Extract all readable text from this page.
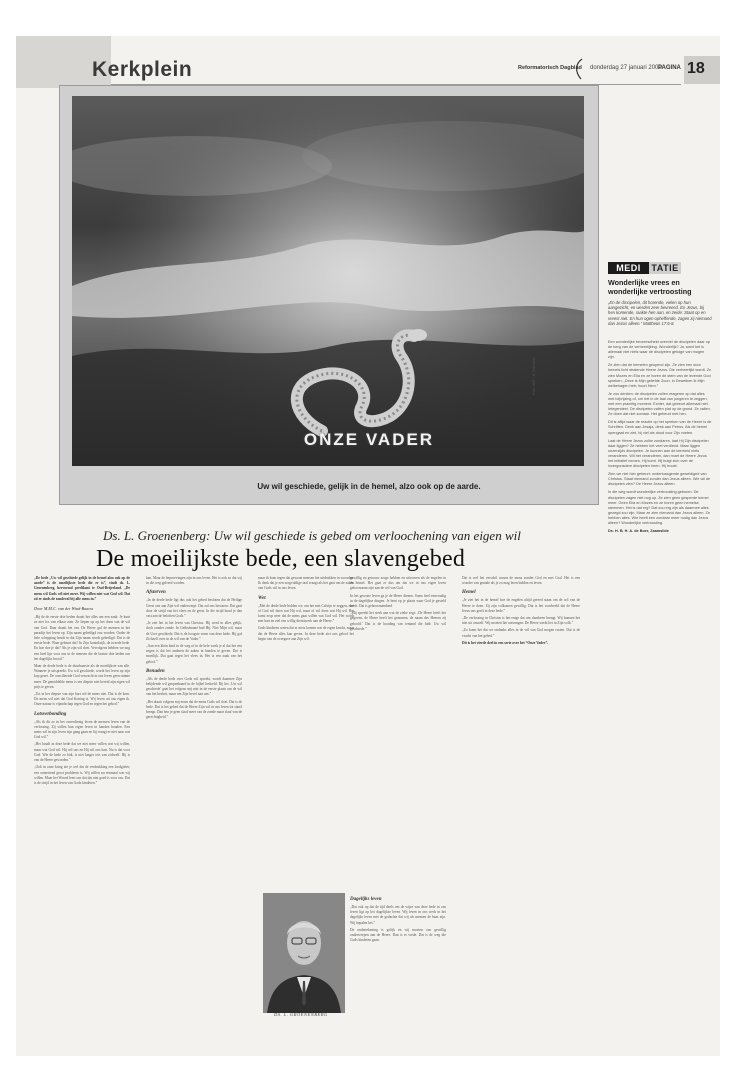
Kerkplein	Reformatorisch Dagblad donderdag 27 januari 2000
PAGINA 18
Foto: ANP / H. Wiersma
ONZE VADER
Uw wil geschiede, gelijk in de hemel, alzo ook op de aarde.
Ds. L. Groenenberg: Uw wil geschiede is gebed om verloochening van eigen wil
De moeilijkste bede, een slavengebed

„De bede „Uw wil geschiede gelijk in de hemel alzo ook op de aarde” is de moeilijkste bede die er is”, vindt ds. L. Groenenberg, hervormd predikant te Oud-Beijerland. „De mens wil Gods wil niet meer. Wij willen niet wat God wil. Dat zit er sinds de zondeval bij alle mens in.”

Door M.M.C. van der Wind-Baaow

„Bij de de eerste drie beden draait het alles om een zaak: Je kunt ze niet los van elkaar zien. Ze liepen op op het doen van de wil van God. Daar draait het om. De Heere gaf de mensen in het paradijs het leven op. Zijn naam geheiligd zou worden. Onder de hele schepping houdt in dat Zijn naam wordt geheiligd. Dat is de eerste bede. Waar gebeurt dat? In Zijn koninkrijk, de tweede bede. En hoe doe je dat? Als je zijn wil doet. Vervolgens hebben we nog een heel lijn voor ons in de mensen die de laatste drie beden om het dagelijks brood.”

Maar de derde bede is de duurbaarste als de moeilijkste van alle. Wanneer je uitspreekt: Uw wil geschiede, wordt het leven op zijn kop gezet. De concilieerde God verwacht in ons leven geen ruimte meer. De gemiddelde mens is ten diepste niet bereid zijn eigen wil prijs te geven.

„Tot in het diepste van zijn hart wil de mens niet. Dat is de kern. De mens wil niet dat God Koning is. Wij leven uit ons eigen ik. Onze natuur is vijandschap tegen God en tegen het gebod.”

Lotsverbonding

„Als ik dit zo in het onverdienig leven de mensen leven van de verlossing. Zij willen hun eigen leven in handen houden. Een mens wil in zijn leven zijn gang gaan en hij vraagt er niet naar wat God wil.”

„Het houdt in deze bede dat we niet meer willen wat wij willen, maar wat God wil. Hij wil ons en Hij wil ons hart. Nu is dat voor God. Wie de bede zo bidt, is niet langer iets van zichzelf. Hij is van de Heere geworden.”

„Ook in onze kring zie je wel dat de verdrukking een loodgieter, een ontzettend groot probleem is. Wij willen nu eenmaal wat wij willen. Maar het Woord leert ons dat dat niet goed is voor ons. Dat is de strijd in het leven van Gods kinderen.”

kan. Maar de beproevingen zijn in ons leven. Het is ook zo dat wij in die weg geleerd worden.

Afsterven

„In de derde bede ligt dus ook het gebed besloten dat de Heilige Geest ons aan Zijn wil onderwerpt. Dat zal ons bewaren. Dat gaat door de strijd van het vlees en de geest. In die strijd houd je dan vast aan de beloften Gods.”

„Je ziet het in het leven van Christus. Hij werd in alles gelijk, doch zonder zonde. In Gethsémané bad Hij: Niet Mijn wil, maar de Uwe geschiede. Dat is de hoogste vorm van deze bede. Hij gaf Zichzelf over in de wil van de Vader.”

„Aan een klein kind in de weg of in de hele week je al dat het een zegen is dat het anderen de zaken in handen te geven. Dat is moeilijk. Dat gaat tegen het vlees in. Het is een zaak van het geloof.”

Benuden

„Als de derde bede over Gods wil spreekt, wordt daarmee Zijn belijdende wil geopenbaard in de bijbel bedoeld. Bij het ‚Uw wil geschiede’ gaat het volgens mij niet in de eerste plaats om de wil van het besluit, maar om Zijn bevel aan ons.”

„Het draait volgens mij erom dat de mens Gods wil doet. Dat is de bede. Dat is het gebed dat de Heere Zijn wil in ons leven tot stand brengt. Dan ben je geen slaaf meer van de zonde maar slaaf van de gerechtigheid.”

maar ik kom tegen dat gewone mensen het uitdrukken in woorden. Ik denk dat je een zorgvuldige taal vraagt als het gaat om de zaken van Gods wil in ons leven.

Wet

„Met de derde bede bidden we, om het met Calvijn te zeggen, niet of God wil doen wat Hij wil, maar of wil doen wat Hij wil. Het komt erop neer dat de mens gaat willen wat God wil. Het wordt met hart en ziel een willig dienstwerk aan de Heere.”

Gods kinderen weten dat er niets komen wat de eigen kracht, maar dat de Heere alles kan geven. In deze bede ziet ons geloof het begin van de overgave aan Zijn wil.

DS. L. GROENENBERG

Dagelijks leven

„Dat ook op dat de tijd deels om de wijze van deze bede in ons leven ligt op het dagelijkse leven. Wij leven in ons werk in het dagelijks leven met de gedachte dat wij als mensen de baas zijn. Wij bepalen het.”

De ondertekening is gelijk en wij moeten ons gewillig onderwerpen aan de Heere. Dan is er vrede. Dat is de weg die Gods kinderen gaan.

gewillig en getrouw zorge hebben en uitvoeren als de engelen in de hemel. Het gaat er dus om dat we in ons eigen leven gehoorzaam zijn aan de wil van God.

In het gewone leven ga je de Heere dienen. Soms heel eenvoudig in de dagelijkse dingen. Je bent op je plaats waar God je gesteld heeft. Dat is gehoorzaamheid.

„Mij spreekt het sterk aan wat de zieke zegt: ‚De Heere heeft het gegeven, de Heere heeft het genomen, de naam des Heeren zij geloofd.’ Dat is de houding van iemand die bidt: Uw wil geschiede.”

Dat is wel het verschil tussen de mens zonder God en met God. Het is een wonder van genade als je zo mag leren bidden en leven.

Hemel

„Je ziet het in de hemel hoe de engelen altijd gereed staan om de wil van de Heere te doen. Zij zijn volkomen gewillig. Dat is het voorbeeld dat de Heere Jezus ons geeft in deze bede.”

„De verlossing in Christus is het enige dat ons daarheen brengt. Wij kunnen het niet uit onszelf. Wij moeten het ontvangen. De Heere werkt het in Zijn volk.”

„Zo komt het dat we ondanks alles in de wil van God mogen rusten. Dat is de vrucht van het gebed.”

Dit is het vierde deel in een serie over het “Onze Vader”.

MEDI	TATIE
Wonderlijke vrees en wonderlijke vertroosting
„En de discipelen, dit horende, vielen op hun aangezicht, en werden zeer bevreesd. En Jezus, bij hen komende, raakte hen aan, en zeide: Staat op en vreest niet. En hun ogen opheffende, zagen zij niemand dan Jezus alleen.” Mattheüs 17:6-8.

Een wonderlijke bevreesdheid overviel de discipelen daar op de berg van de verheerlijking. Wonderlijk? Ja, want het is allemaal niet niets waar de discipelen getuige van mogen zijn.

Ze zien dat de hemelen geopend zijn. Ze zien een door hemels licht stralende Heere Jezus. Die verheerlijkt wordt. Ze zien Mozes en Elia en ze horen de stem van de levende God spreken: „Deze is Mijn geliefde Zoon, in Dewelken Ik Mijn welbehagen heb; hoort Hem.”

Je zou denken: de discipelen zullen reageren op dat alles met lofprijzing of, om het in de taal van jongeren te zeggen, met een prachtig moment. Echter, dat gebeurt allemaal niet. Integendeel. De discipelen vallen plat op de grond. Ze vallen. Ze doen dat niet zomaar. Het gebeurt met hen.

Dit is altijd waar de reactie op het spreken van de Heere is de Schriften. Denk aan Jesaja, denk aan Petrus. Als de hemel opengaat en ziet, hij viel als dood voor Zijn voeten.

Laat de Heere Jezus zulke zondaren, laat Hij Zijn discipelen daar liggen? Ze hebben het veel verdiend. Maar liggen onzerzijds discipelen. Je kunnen aan de teerheid niets veranderen. Wil het veranderen, dan moet de Heere Jezus het initiatief nemen. Hij komt. Hij buigt zich over de invergonsdere discipelen heen. Hij troost.

Zien we niet hier gebeurt: ondertussgende geweldiged van Christus. Staat niemand zonder dan Jezus alleen. Wie wil de discipelen zien? De Heere Jezus alleen.

In die weg wordt wonderlijke vertroosting geboren. De discipelen zagen niet nog op. Ze zien geen gesperde hemel meer. Geen Elia en Mozes en ze horen geen hemelse stemmen. Het is dat erg? Dat zou erg zijn als daarmee alles gezegd zou zijn. Maar ze zien niemand dan Jezus alleen. Ze hebben alles. Wie heeft een zondaar meer nodig dan Jezus alleen? Wonderlijke vertroosting.

Ds. H. B. H. A. de Boer, Zaamslide
